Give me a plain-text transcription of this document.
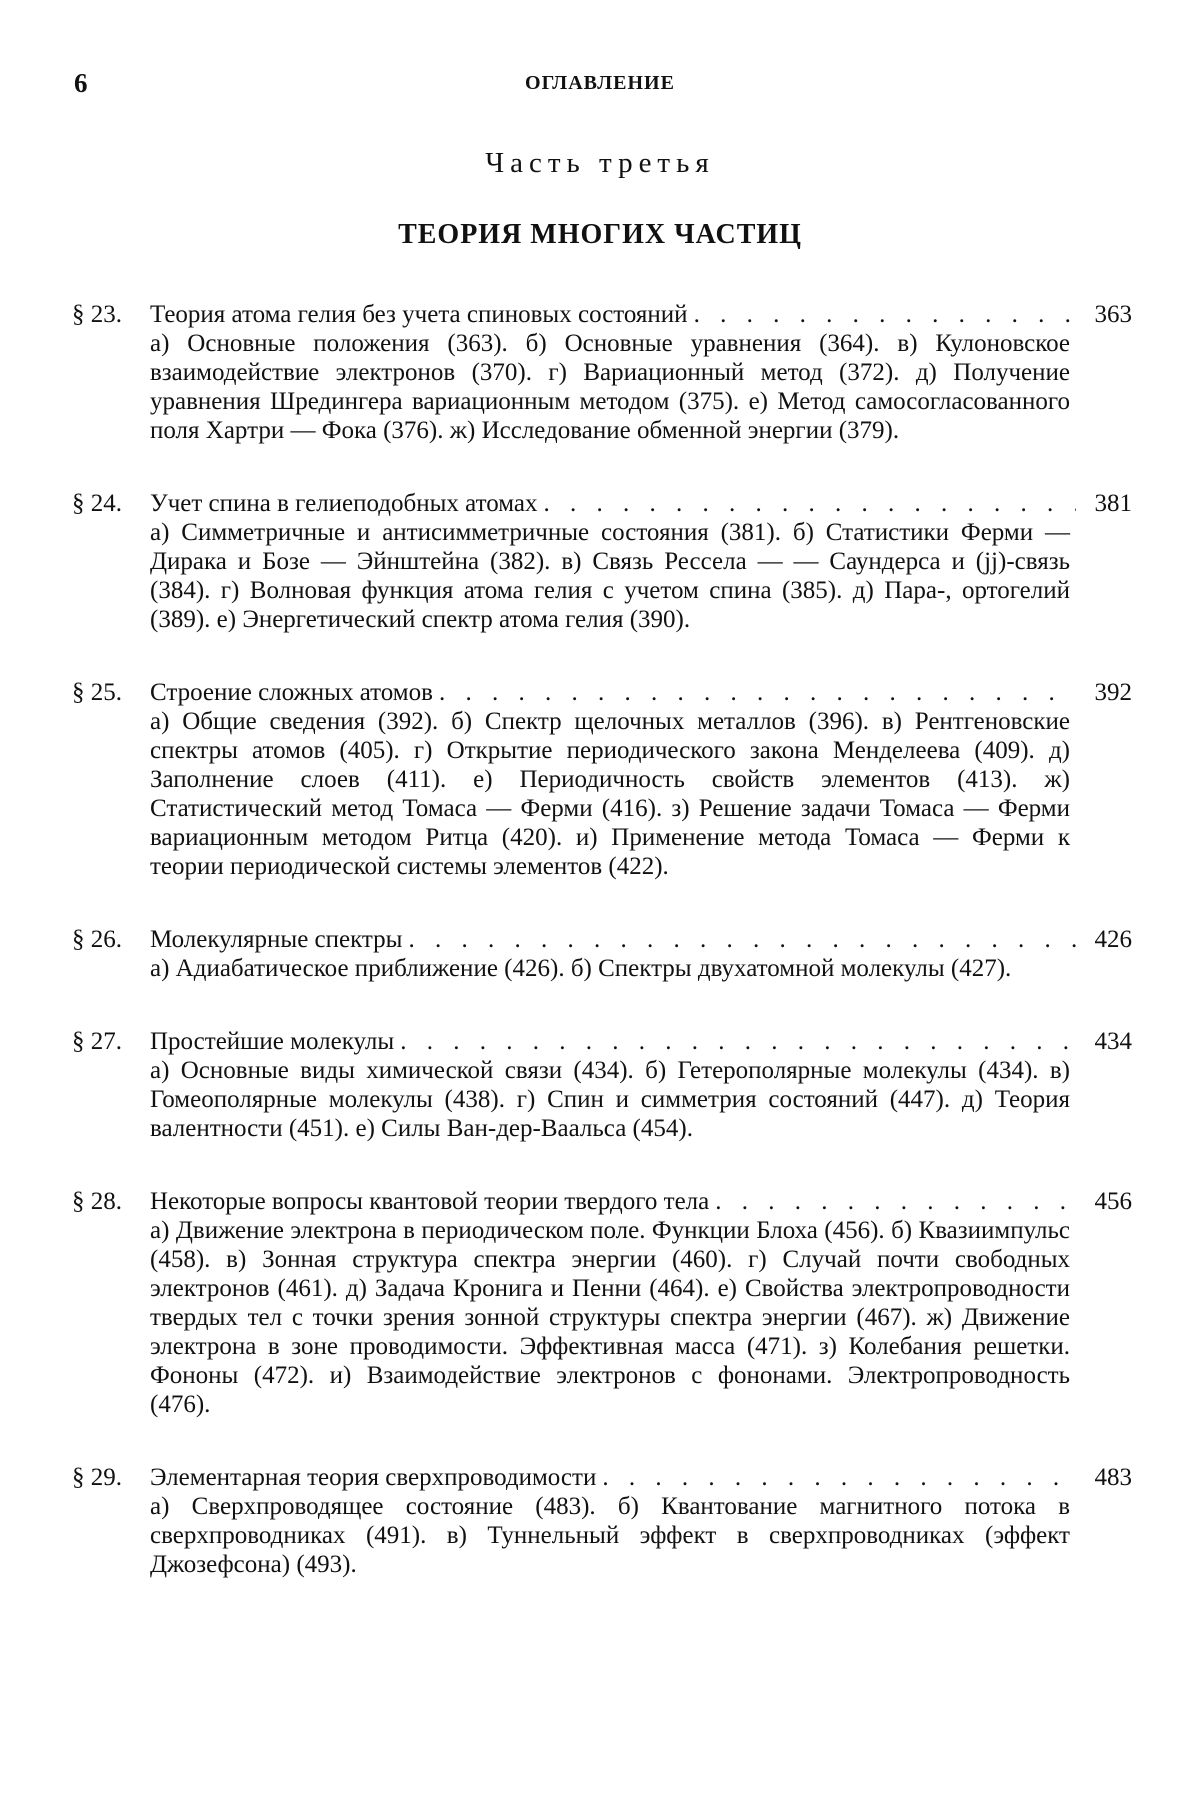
6	ОГЛАВЛЕНИЕ
Часть третья
ТЕОРИЯ МНОГИХ ЧАСТИЦ
§ 23.	Теория атома гелия без учета спиновых состояний . . .	363
а) Основные положения (363). б) Основные уравнения (364). в) Кулоновское взаимодействие электронов (370). г) Вариационный метод (372). д) Получение уравнения Шредингера вариационным методом (375). е) Метод самосогласованного поля Хартри — Фока (376). ж) Исследование обменной энергии (379).
§ 24.	Учет спина в гелиеподобных атомах . . .	381
а) Симметричные и антисимметричные состояния (381). б) Статистики Ферми — Дирака и Бозе — Эйнштейна (382). в) Связь Рессела — — Саундерса и (jj)-связь (384). г) Волновая функция атома гелия с учетом спина (385). д) Пара-, ортогелий (389). е) Энергетический спектр атома гелия (390).
§ 25.	Строение сложных атомов . . .	392
а) Общие сведения (392). б) Спектр щелочных металлов (396). в) Рентгеновские спектры атомов (405). г) Открытие периодического закона Менделеева (409). д) Заполнение слоев (411). е) Периодичность свойств элементов (413). ж) Статистический метод Томаса — Ферми (416). з) Решение задачи Томаса — Ферми вариационным методом Ритца (420). и) Применение метода Томаса — Ферми к теории периодической системы элементов (422).
§ 26.	Молекулярные спектры . . .	426
а) Адиабатическое приближение (426). б) Спектры двухатомной молекулы (427).
§ 27.	Простейшие молекулы . . .	434
а) Основные виды химической связи (434). б) Гетерополярные молекулы (434). в) Гомеополярные молекулы (438). г) Спин и симметрия состояний (447). д) Теория валентности (451). е) Силы Ван-дер-Ваальса (454).
§ 28.	Некоторые вопросы квантовой теории твердого тела . . .	456
а) Движение электрона в периодическом поле. Функции Блоха (456). б) Квазиимпульс (458). в) Зонная структура спектра энергии (460). г) Случай почти свободных электронов (461). д) Задача Кронига и Пенни (464). е) Свойства электропроводности твердых тел с точки зрения зонной структуры спектра энергии (467). ж) Движение электрона в зоне проводимости. Эффективная масса (471). з) Колебания решетки. Фононы (472). и) Взаимодействие электронов с фононами. Электропроводность (476).
§ 29.	Элементарная теория сверхпроводимости . . .	483
а) Сверхпроводящее состояние (483). б) Квантование магнитного потока в сверхпроводниках (491). в) Туннельный эффект в сверхпроводниках (эффект Джозефсона) (493).
